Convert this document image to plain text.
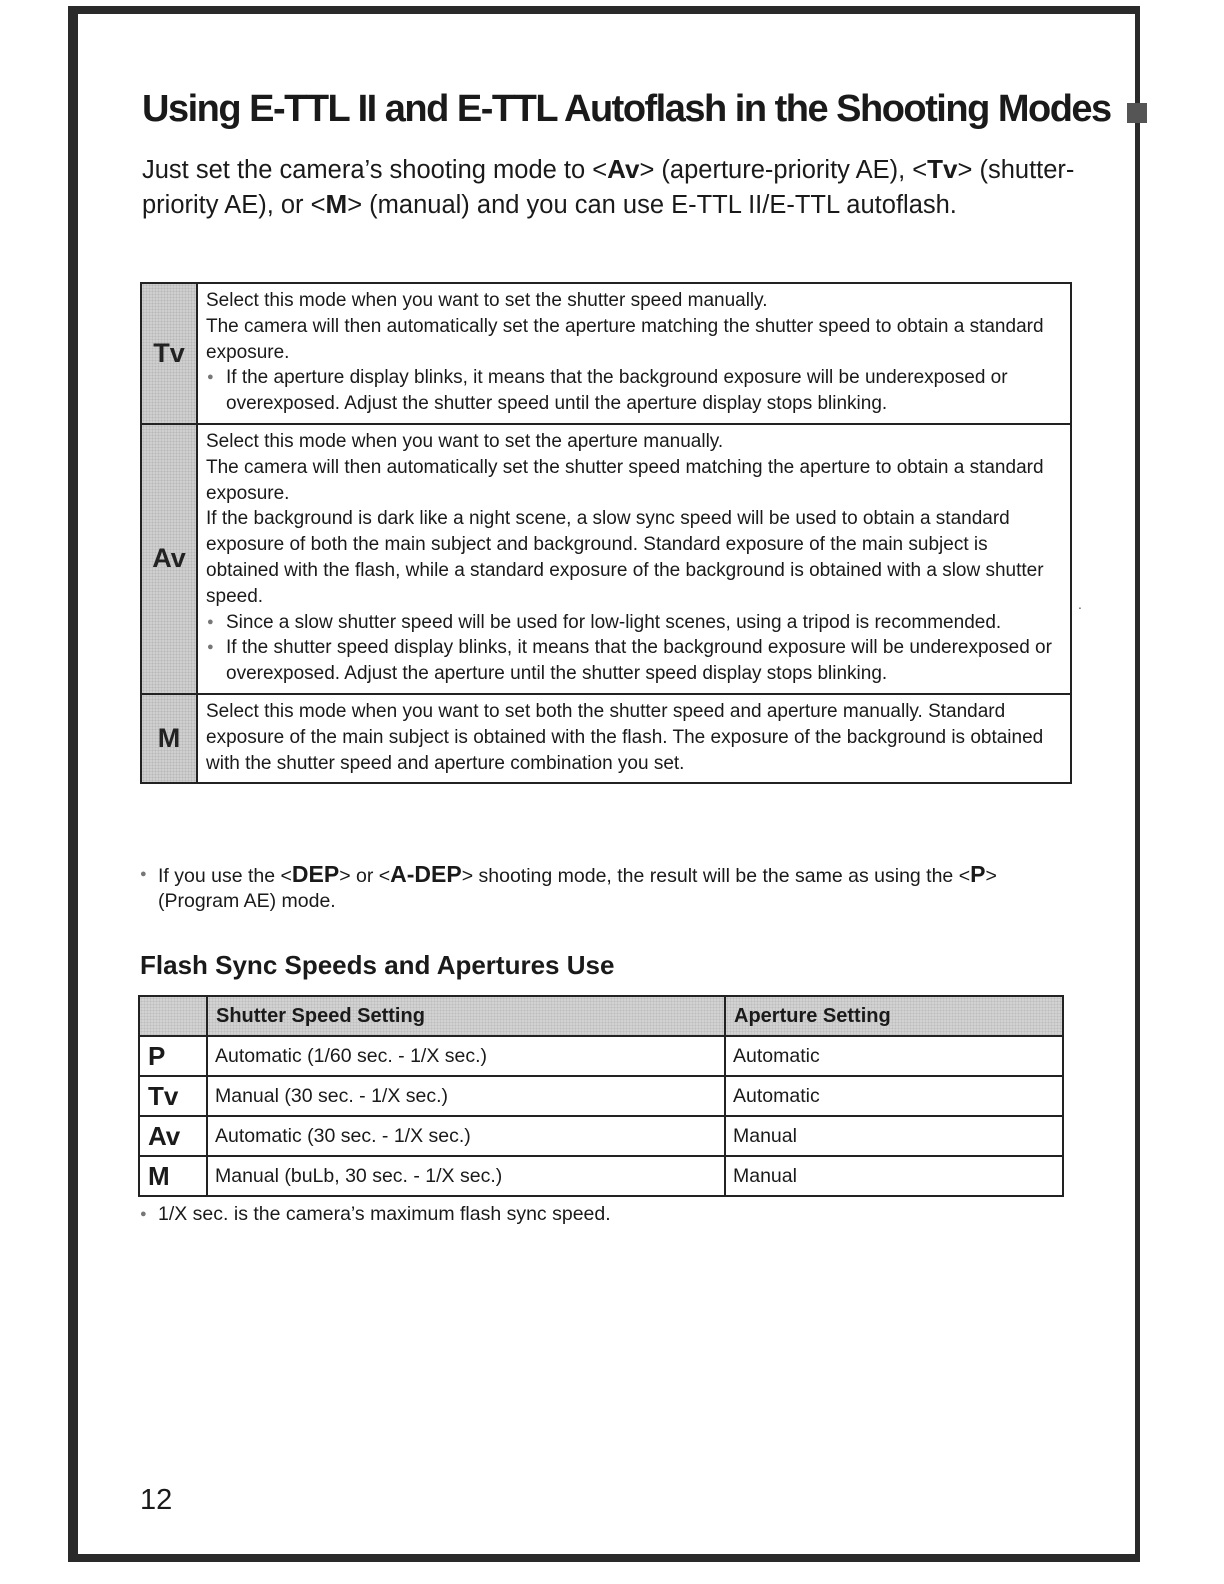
Using E-TTL II and E-TTL Autoflash in the Shooting Modes
Just set the camera’s shooting mode to <Av> (aperture-priority AE), <Tv> (shutter-priority AE), or <M> (manual) and you can use E-TTL II/E-TTL autoflash.
Tv	Select this mode when you want to set the shutter speed manually.
The camera will then automatically set the aperture matching the shutter speed to obtain a standard exposure.
● If the aperture display blinks, it means that the background exposure will be underexposed or overexposed. Adjust the shutter speed until the aperture display stops blinking.

Av	Select this mode when you want to set the aperture manually.
The camera will then automatically set the shutter speed matching the aperture to obtain a standard exposure.
If the background is dark like a night scene, a slow sync speed will be used to obtain a standard exposure of both the main subject and background. Standard exposure of the main subject is obtained with the flash, while a standard exposure of the background is obtained with a slow shutter speed.
● Since a slow shutter speed will be used for low-light scenes, using a tripod is recommended.
● If the shutter speed display blinks, it means that the background exposure will be underexposed or overexposed. Adjust the aperture until the shutter speed display stops blinking.

M	Select this mode when you want to set both the shutter speed and aperture manually. Standard exposure of the main subject is obtained with the flash. The exposure of the background is obtained with the shutter speed and aperture combination you set.
● If you use the <DEP> or <A-DEP> shooting mode, the result will be the same as using the <P> (Program AE) mode.
Flash Sync Speeds and Apertures Use
	Shutter Speed Setting	Aperture Setting
P	Automatic (1/60 sec. - 1/X sec.)	Automatic
Tv	Manual (30 sec. - 1/X sec.)	Automatic
Av	Automatic (30 sec. - 1/X sec.)	Manual
M	Manual (buLb, 30 sec. - 1/X sec.)	Manual
● 1/X sec. is the camera’s maximum flash sync speed.
.
12
